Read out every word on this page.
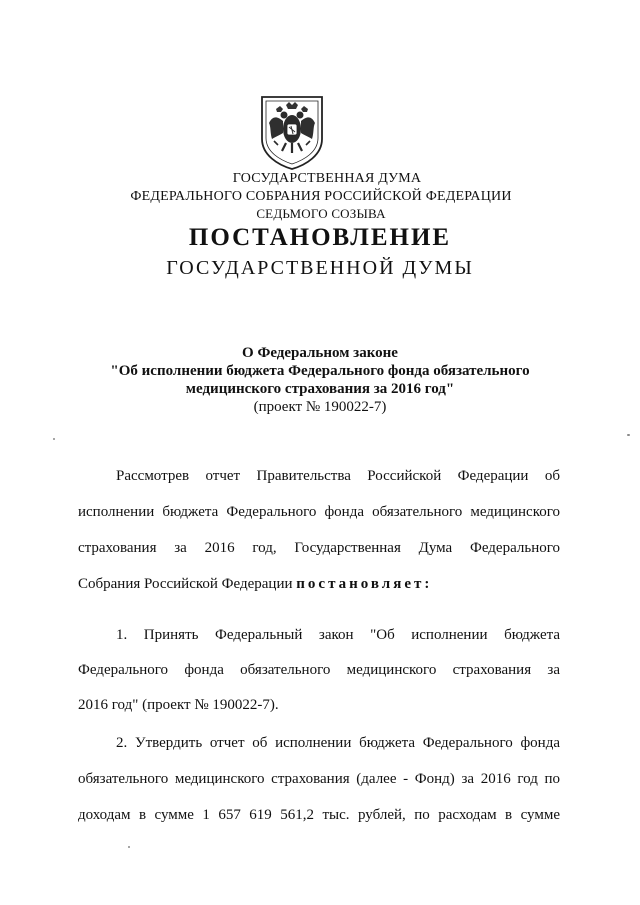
ГОСУДАРСТВЕННАЯ ДУМА
ФЕДЕРАЛЬНОГО СОБРАНИЯ РОССИЙСКОЙ ФЕДЕРАЦИИ
СЕДЬМОГО СОЗЫВА
ПОСТАНОВЛЕНИЕ
ГОСУДАРСТВЕННОЙ ДУМЫ
О Федеральном законе
"Об исполнении бюджета Федерального фонда обязательного
медицинского страхования за 2016 год"
(проект № 190022-7)
Рассмотрев отчет Правительства Российской Федерации об
исполнении бюджета Федерального фонда обязательного медицинского
страхования за 2016 год, Государственная Дума Федерального
Собрания Российской Федерации постановляет:
1. Принять Федеральный закон "Об исполнении бюджета
Федерального фонда обязательного медицинского страхования за
2016 год" (проект № 190022-7).
2. Утвердить отчет об исполнении бюджета Федерального фонда
обязательного медицинского страхования (далее - Фонд) за 2016 год по
доходам в сумме 1 657 619 561,2 тыс. рублей, по расходам в сумме
